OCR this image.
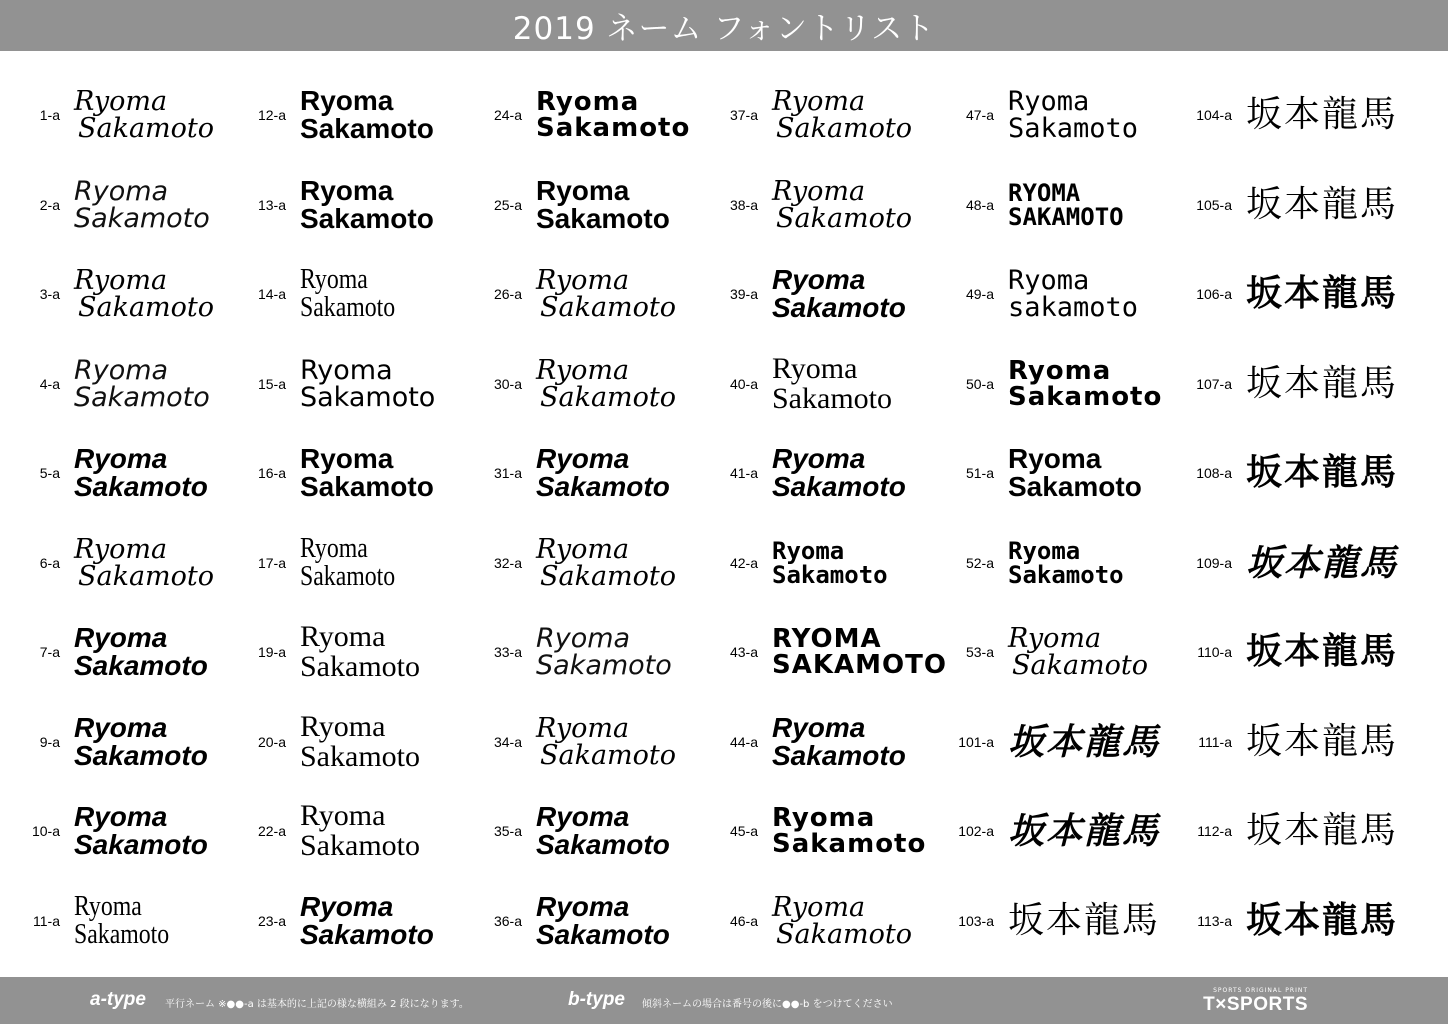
2019 ネーム フォントリスト
1-a Ryoma
Sakamoto
2-a Ryoma
Sakamoto
3-a Ryoma
Sakamoto
4-a Ryoma
Sakamoto
5-a Ryoma
Sakamoto
6-a Ryoma
Sakamoto
7-a Ryoma
Sakamoto
9-a Ryoma
Sakamoto
10-a Ryoma
Sakamoto
11-a Ryoma
Sakamoto
12-a Ryoma
Sakamoto
13-a Ryoma
Sakamoto
14-a Ryoma
Sakamoto
15-a Ryoma
Sakamoto
16-a Ryoma
Sakamoto
17-a Ryoma
Sakamoto
19-a Ryoma
Sakamoto
20-a Ryoma
Sakamoto
22-a Ryoma
Sakamoto
23-a Ryoma
Sakamoto
24-a Ryoma
Sakamoto
25-a Ryoma
Sakamoto
26-a Ryoma
Sakamoto
30-a Ryoma
Sakamoto
31-a Ryoma
Sakamoto
32-a Ryoma
Sakamoto
33-a Ryoma
Sakamoto
34-a Ryoma
Sakamoto
35-a Ryoma
Sakamoto
36-a Ryoma
Sakamoto
37-a Ryoma
Sakamoto
38-a Ryoma
Sakamoto
39-a Ryoma
Sakamoto
40-a Ryoma
Sakamoto
41-a Ryoma
Sakamoto
42-a Ryoma
Sakamoto
43-a RYOMA
SAKAMOTO
44-a Ryoma
Sakamoto
45-a Ryoma
Sakamoto
46-a Ryoma
Sakamoto
47-a Ryoma
Sakamoto
48-a RYOMA
SAKAMOTO
49-a Ryoma
sakamoto
50-a Ryoma
Sakamoto
51-a Ryoma
Sakamoto
52-a Ryoma
Sakamoto
53-a Ryoma
Sakamoto
101-a 坂本龍馬
102-a 坂本龍馬
103-a 坂本龍馬
104-a 坂本龍馬
105-a 坂本龍馬
106-a 坂本龍馬
107-a 坂本龍馬
108-a 坂本龍馬
109-a 坂本龍馬
110-a 坂本龍馬
111-a 坂本龍馬
112-a 坂本龍馬
113-a 坂本龍馬
a-type 平行ネーム ※●●-a は基本的に上記の様な横組み 2 段になります。	b-type 傾斜ネームの場合は番号の後に●●-b をつけてください
SPORTS ORIGINAL PRINT
T×SPORTS
